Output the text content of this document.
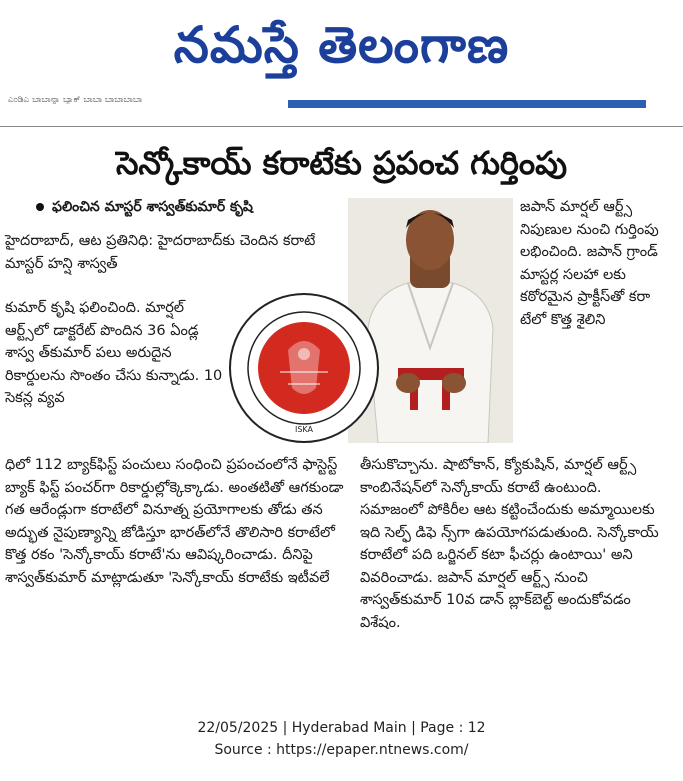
నమస్తే తెలంగాణ
ಎಂಡಿಎ ಬಾಬಾನ್ನಾ ಬ್ಯಾಕ್ ಬಾಬಾ ಬಾಬಾಬಾಬಾ
సెన్కోకాయ్ కరాటేకు ప్రపంచ గుర్తింపు
ఫలించిన మాస్టర్ శాస్వత్‌కుమార్ కృషి
ISKA
హైదరాబాద్, ఆట ప్రతినిధి: హైదరాబాద్‌కు చెందిన కరాటే మాస్టర్ హన్షి శాస్వత్
కుమార్ కృషి ఫలించింది. మార్షల్ ఆర్ట్స్‌లో డాక్టరేట్ పొందిన 36 ఏండ్ల శాస్వ త్‌కుమార్ పలు అరుదైన రికార్డులను సొంతం చేసు కున్నాడు. 10 సెకన్ల వ్యవ
ధిలో 112 బ్యాక్‌ఫిస్ట్ పంచులు సంధించి ప్రపంచంలోనే ఫాస్టెస్ట్ బ్యాక్ ఫిస్ట్ పంచర్‌గా రికార్డుల్లోక్కెక్కాడు. అంతటితో ఆగకుండా గత ఆరేండ్లుగా కరాటేలో వినూత్న ప్రయోగాలకు తోడు తన అద్భుత నైపుణ్యాన్ని జోడిస్తూ భారత్‌లోనే తొలిసారి కరాటేలో కొత్త రకం 'సెన్కోకాయ్ కరాటే'ను ఆవిష్కరించాడు. దీనిపై శాస్వత్‌కుమార్ మాట్లాడుతూ 'సెన్కోకాయ్ కరాటేకు ఇటీవలే
జపాన్ మార్షల్ ఆర్ట్స్ నిపుణుల నుంచి గుర్తింపు లభించింది. జపాన్ గ్రాండ్ మాస్టర్ల సలహా లకు కఠోరమైన ప్రాక్టీస్‌తో కరా టేలో కొత్త శైలిని
తీసుకొచ్చాను. షాటోకాన్, క్యోకుషిన్, మార్షల్ ఆర్ట్స్ కాంబినేషన్‌లో సెన్కోకాయ్ కరాటే ఉంటుంది. సమాజంలో పోకిరీల ఆట కట్టించేందుకు అమ్మాయిలకు ఇది సెల్ఫ్ డిఫె న్స్‌గా ఉపయోగపడుతుంది. సెన్కోకాయ్ కరాటేలో పది ఒర్జినల్ కటా ఫీచర్లు ఉంటాయి' అని వివరించాడు. జపాన్ మార్షల్ ఆర్ట్స్ నుంచి శాస్వత్‌కుమార్ 10వ డాన్ బ్లాక్‌బెల్ట్ అందుకోవడం విశేషం.
22/05/2025 | Hyderabad Main | Page : 12
Source : https://epaper.ntnews.com/
